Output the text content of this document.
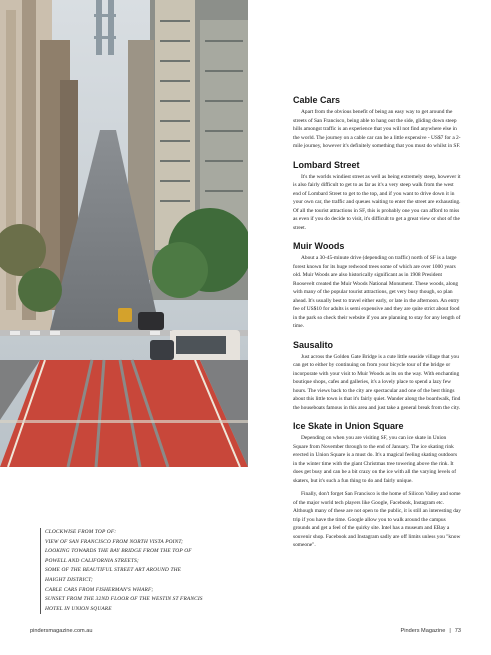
CLOCKWISE FROM TOP OF:

VIEW OF SAN FRANCISCO FROM NORTH VISTA POINT;

LOOKING TOWARDS THE BAY BRIDGE FROM THE TOP OF

POWELL AND CALIFORNIA STREETS;

SOME OF THE BEAUTIFUL STREET ART AROUND THE

HAIGHT DISTRICT;

CABLE CARS FROM FISHERMAN'S WHARF;

SUNSET FROM THE 32ND FLOOR OF THE WESTIN ST FRANCIS

HOTEL IN UNION SQUARE

Cable Cars

Apart from the obvious benefit of being an easy way to get around the streets of San Francisco, being able to hang out the side, gliding down steep hills amongst traffic is an experience that you will not find anywhere else in the world. The journey on a cable car can be a little expensive - US$7 for a 2-mile journey, however it's definitely something that you must do whilst in SF.

Lombard Street

It's the worlds windiest street as well as being extremely steep, however it is also fairly difficult to get to as far as it's a very steep walk from the west end of Lombard Street to get to the top, and if you want to drive down it in your own car, the traffic and queues waiting to enter the street are exhausting. Of all the tourist attractions in SF, this is probably one you can afford to miss as even if you do decide to visit, it's difficult to get a great view or shot of the street.

Muir Woods

About a 30-45-minute drive (depending on traffic) north of SF is a large forest known for its huge redwood trees some of which are over 1000 years old. Muir Woods are also historically significant as in 1908 President Roosevelt created the Muir Woods National Monument. These woods, along with many of the popular tourist attractions, get very busy though, so plan ahead. It's usually best to travel either early, or late in the afternoon. An entry fee of US$10 for adults is semi expensive and they are quite strict about food in the park so check their website if you are planning to stay for any length of time.

Sausalito

Just across the Golden Gate Bridge is a cute little seaside village that you can get to either by continuing on from your bicycle tour of the bridge or incorporate with your visit to Muir Woods as its on the way. With enchanting boutique shops, cafes and galleries, it's a lovely place to spend a lazy few hours. The views back to the city are spectacular and one of the best things about this little town is that it's fairly quiet. Wander along the boardwalk, find the houseboats famous in this area and just take a general break from the city.

Ice Skate in Union Square

Depending on when you are visiting SF, you can ice skate in Union Square from November through to the end of January. The ice skating rink erected in Union Square is a must do. It's a magical feeling skating outdoors in the winter time with the giant Christmas tree towering above the rink. It does get busy and can be a bit crazy on the ice with all the varying levels of skaters, but it's such a fun thing to do and fairly unique.

Finally, don't forget San Francisco is the home of Silicon Valley and some of the major world tech players like Google, Facebook, Instagram etc. Although many of these are not open to the public, it is still an interesting day trip if you have the time. Google allow you to walk around the campus grounds and get a feel of the quirky site. Intel has a museum and EBay a souvenir shop. Facebook and Instagram sadly are off limits unless you "know someone".

pindersmagazine.com.au	Pinders Magazine | 73
